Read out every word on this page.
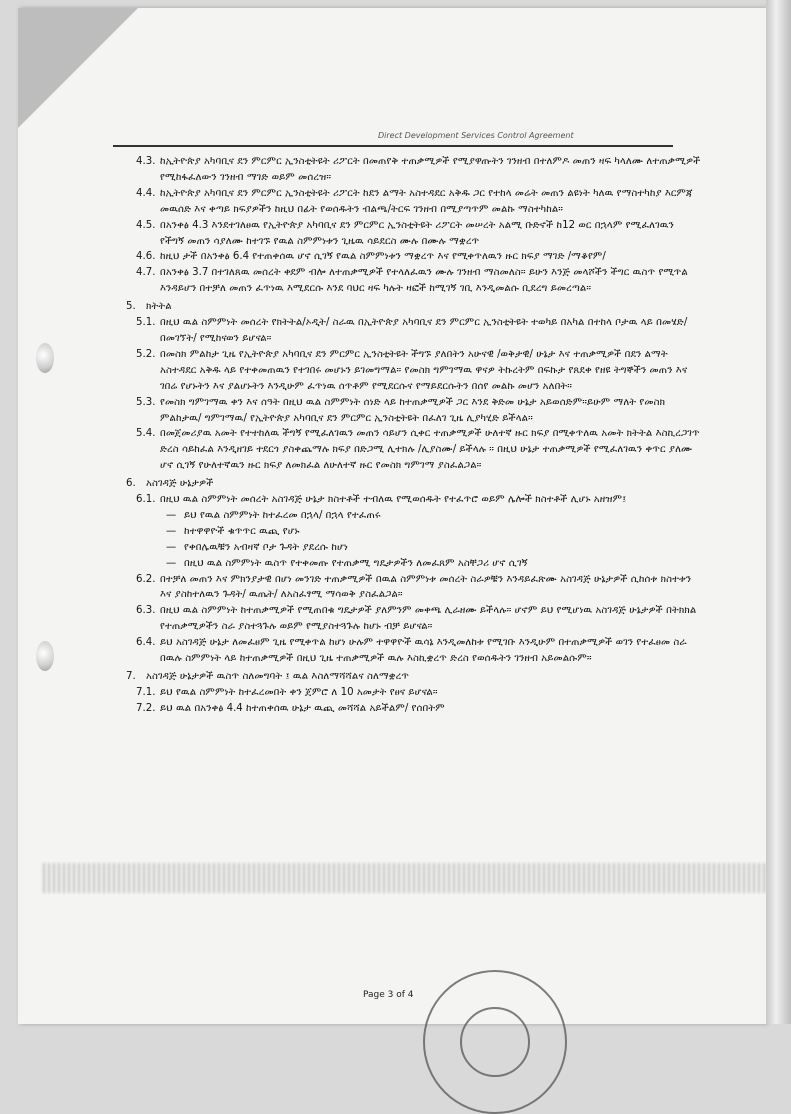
Direct Development Services Control Agreement
4.3. ከኢትዮጵያ አካባቢና ደን ምርምር ኢንስቲትዩት ሪፖርት በመጠየቅ ተጠቃሚዎች የሚያዋጡትን ገንዘብ በተለምዶ መጠን ዛፍ ካላለሙ ለተጠቃሚዎች የሚከፋፈለውን ገንዘብ ማገድ ወይም መሰረዝ።
4.4. ከኢትዮጵያ አካባቢና ደን ምርምር ኢንስቲትዩት ሪፖርት ከደን ልማት አስተዳደር አቅዱ ጋር የተከላ መሬት መጠን ልዩነት ካለዉ የማስተካከያ እርምጃ መዉሰድ እና ቀጣይ ክፍያዎችን ከዚህ በፊት የወሰዱትን ብልጫ/ትርፍ ገንዘብ በሚያጣጥም መልኩ ማስተካከል።
4.5. በአንቀፅ 4.3 እንደተገለፀዉ የኢትዮጵያ አካባቢና ደን ምርምር ኢንስቲትዩት ሪፖርት መሠረት አልሚ ቡድኖች ከ12 ወር በኋላም የሚፈለገዉን የችግኝ መጠን ሳያለሙ ከተገኙ የዉል ስምምነቱን ጊዜዉ ሳይደርስ ሙሉ በሙሉ ማቋረጥ
4.6. ከዚህ ታች በአንቀፅ 6.4 የተጠቀሰዉ ሆኖ ሲገኝ የዉል ስምምነቱን ማቋረጥ እና የሚቀጥለዉን ዙር ክፍያ ማገድ /ማቆየም/
4.7. በአንቀፅ 3.7 በተገለጸዉ መሰረት ቀደም ብሎ ለተጠቃሚዎች የተላለፈዉን ሙሉ ገንዘብ ማስመለስ። ይሁን እንጅ መላሾችን ችግር ዉስጥ የሚጥል እንዳይሆን በተቻለ መጠን ፈጥነዉ እሚደርሱ እንደ ባህር ዛፍ ካሉት ዛፎች ከሚገኝ ገቢ እንዲመልሱ ቢደረግ ይመረጣል።
5. ክትትል
5.1. በዚህ ዉል ስምምነት መሰረት የክትትል/ኦዲት/ ስራዉ በኢትዮጵያ አካባቢና ደን ምርምር ኢንስቲትዩት ተወካይ በአካል በተከላ ቦታዉ ላይ በመሄድ/በመገኘት/ የሚከናወን ይሆናል።
5.2. በመስክ ምልከታ ጊዜ የኢትዮጵያ አካባቢና ደን ምርምር ኢንስቲትዩት ችግኙ ያለበትን አሁናዊ /ወቅታዊ/ ሁኔታ እና ተጠቃሚዎች በደን ልማት አስተዳደር አቅዱ ላይ የተቀመጠዉን የተገበሩ መሆኑን ይገመግማል። የመስክ ግምገማዉ ዋናዎ ትኩረትም በፍኩታ የጸደቀ የዘዩ ትግኞችን መጠን እና ገበሬ የሆኑትን እና ያልሆኑትን እንዲሁም ፈጥነዉ ሰጥቶም የሚደርሱና የማይደርሱትን በሰየ መልኩ መሆን አለበት።
5.3. የመስክ ግምገማዉ ቀን እና ሰዓት በዚህ ዉል ስምምነት ሰነድ ላይ ከተጠቃሚዎች ጋር እንደ ቅድመ ሁኔታ አይወሰድም።ይሁም ማለት የመስክ ምልከታዉ/ ግምገማዉ/ የኢትዮጵያ አካባቢና ደን ምርምር ኢንስቲትዩት በፈለገ ጊዜ ሊያካሂድ ይችላል።
5.4. በመጀመሪያዉ አመት የተተከለዉ ችግኝ የሚፈለገዉን መጠን ሳይሆን ሲቀር ተጠቃሚዎች ሁለተኛ ዙር ክፍያ በሚቀጥለዉ አመት ክትትል እስኪረጋገጥ ድረስ ሳይከፈል እንዲዘገይ ተደርጎ ያስቀጨማሉ ክፍያ በድጋሚ ሊተክሉ /ሊያስሙ/ ይችላሉ ። በዚህ ሁኔታ ተጠቃሚዎች የሚፈለገዉን ቀጥር ያለሙ ሆኖ ሲገኝ የሁለተኛዉን ዙር ክፍያ ለመክፈል ለሁለተኛ ዙር የመስክ ግምገማ ያስፈልጋል።
6. አስገዳጅ ሁኔታዎች
6.1. በዚህ ዉል ስምምነት መሰረት አስገዳጅ ሁኔታ ክስተቶች ተብለዉ የሚወሰዱት የተፈጥሮ ወይም ሌሎች ክስተቶች ሊሆኑ አዘዝም፤
— ይህ የዉል ስምምነት ከተፈረመ በኋላ/ በኋላ የተፈጠሩ
— ከተዋዋዮች ቁጥጥር ዉጪ የሆኑ
— የቀበሌዉቹን አብዛኛ ቦታ ጉዳት ያደረሱ ከሆነ
— በዚህ ዉል ስምምነት ዉስጥ የተቀመጡ የተጠቃሚ ግዴታዎችን ለመፈጸም አስቸጋሪ ሆኖ ሲገኝ
6.2. በተቻለ መጠን እና ምክንያታዊ በሆነ መንገድ ተጠቃሚዎች በዉል ስምምነቱ መሰረት ስራዎቹን እንዳይፈጽሙ አስገዳጅ ሁኔታዎች ሲከሰቱ ክስተቱን እና ያስከተለዉን ጉዳት/ ዉጤት/ ለአስፈፃሚ ማሳወቅ ያስፈልጋል።
6.3. በዚህ ዉል ስምምነት ከተጠቃሚዎች የሚጠበቁ ግዴታዎች ያለምንም መቀጫ ሊራዘሙ ይችላሉ። ሆኖም ይህ የሚሆነዉ አስገዳጅ ሁኔታዎች በትክክል የተጠቃሚዎችን ስራ ያስተጓጉሉ ወይም የሚያስተጓጉሉ ከሆኑ ብቻ ይሆናል።
6.4. ይህ አስገዳጅ ሁኔታ ለመፈፀም ጊዜ የሚቀጥል ከሆነ ሁሉም ተዋዋዮች ዉሳኔ እንዲመለከቱ የሚገቡ እንዲሁም በተጠቃሚዎች ወገን የተፈፀመ ስራ በዉሉ ስምምነት ላይ ከተጠቃሚዎች በዚህ ጊዜ ተጠቃሚዎች ዉሉ እስኪቋረጥ ድረስ የወሰዱትን ገንዘብ አይመልሱም።
7. አስገዳጅ ሁኔታዎች ዉስጥ ስለመግባት ፤ ዉል እስለማሻሻልና ስለማቋረጥ
7.1. ይህ የዉል ስምምነት ከተፈረመበት ቀን ጀምሮ ለ 10 አመታት የፀና ይሆናል።
7.2. ይህ ዉል በአንቀፅ 4.4 ከተጠቀሰዉ ሁኔታ ዉጪ መሻሻል አይችልም/ የሰበትም
Page 3 of 4
